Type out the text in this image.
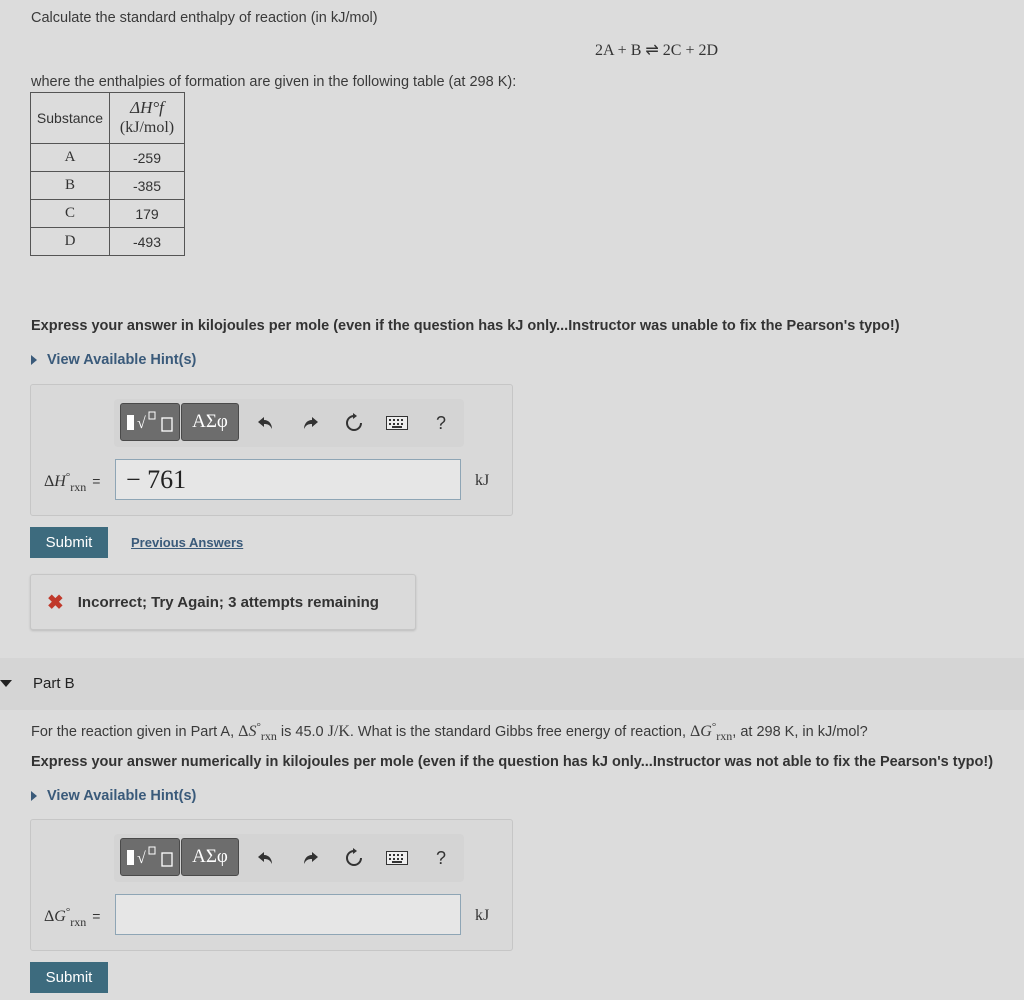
Calculate the standard enthalpy of reaction (in kJ/mol)
2A + B ⇌ 2C + 2D
where the enthalpies of formation are given in the following table (at 298 K):
Substance	ΔH°f
(kJ/mol)

A	-259
B	-385
C	179
D	-493
Express your answer in kilojoules per mole (even if the question has kJ only...Instructor was unable to fix the Pearson's typo!)
View Available Hint(s)
√ ΑΣφ	?
$\Delta H^\circ_{rxn}$ = − 761	kJ
Submit	Previous Answers
✖ Incorrect; Try Again; 3 attempts remaining
Part B
For the reaction given in Part A, $\Delta S^\circ_{rxn}$ is 45.0 J/K. What is the standard Gibbs free energy of reaction, $\Delta G^\circ_{rxn}$, at 298 K, in kJ/mol?
Express your answer numerically in kilojoules per mole (even if the question has kJ only...Instructor was not able to fix the Pearson's typo!)
View Available Hint(s)
√ ΑΣφ	?
$\Delta G^\circ_{rxn}$ =	kJ
Submit
